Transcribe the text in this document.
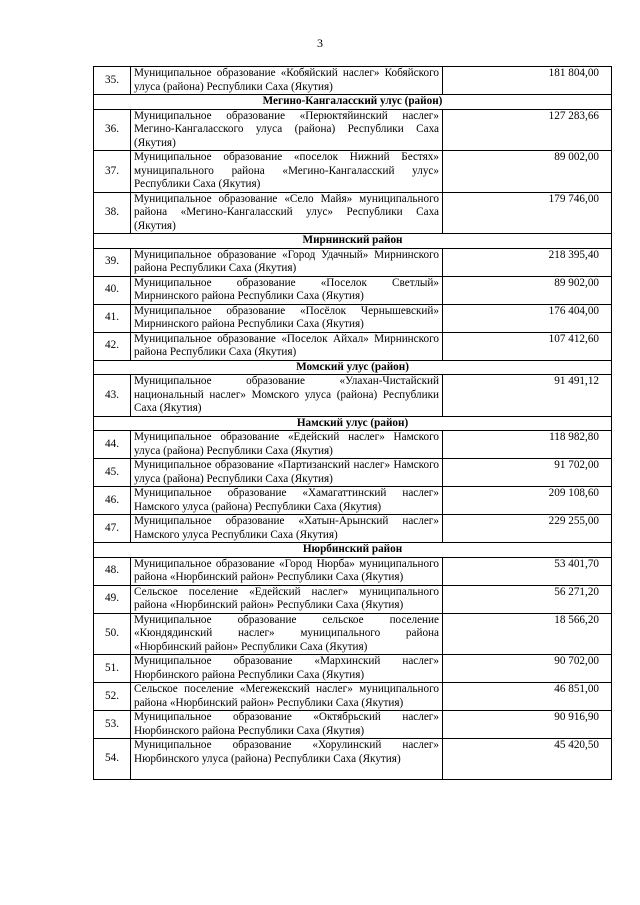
3
35.	Муниципальное образование «Кобяйский наслег» Кобяйского улуса (района) Республики Саха (Якутия)	181 804,00
Мегино-Кангаласский улус (район)		
36.	Муниципальное образование «Перюктяйинский наслег» Мегино-Кангаласского улуса (района) Республики Саха (Якутия)	127 283,66
37.	Муниципальное образование «поселок Нижний Бестях» муниципального района «Мегино-Кангаласский улус» Республики Саха (Якутия)	89 002,00
38.	Муниципальное образование «Село Майя» муниципального района «Мегино-Кангаласский улус» Республики Саха (Якутия)	179 746,00
Мирнинский район		
39.	Муниципальное образование «Город Удачный» Мирнинского района Республики Саха (Якутия)	218 395,40
40.	Муниципальное образование «Поселок Светлый» Мирнинского района Республики Саха (Якутия)	89 902,00
41.	Муниципальное образование «Посёлок Чернышевский» Мирнинского района Республики Саха (Якутия)	176 404,00
42.	Муниципальное образование «Поселок Айхал» Мирнинского района Республики Саха (Якутия)	107 412,60
Момский улус (район)		
43.	Муниципальное образование «Улахан-Чистайский национальный наслег» Момского улуса (района) Республики Саха (Якутия)	91 491,12
Намский улус (район)		
44.	Муниципальное образование «Едейский наслег» Намского улуса (района) Республики Саха (Якутия)	118 982,80
45.	Муниципальное образование «Партизанский наслег» Намского улуса (района) Республики Саха (Якутия)	91 702,00
46.	Муниципальное образование «Хамагаттинский наслег» Намского улуса (района) Республики Саха (Якутия)	209 108,60
47.	Муниципальное образование «Хатын-Арынский наслег» Намского улуса Республики Саха (Якутия)	229 255,00
Нюрбинский район		
48.	Муниципальное образование «Город Нюрба» муниципального района «Нюрбинский район» Республики Саха (Якутия)	53 401,70
49.	Сельское поселение «Едейский наслег» муниципального района «Нюрбинский район» Республики Саха (Якутия)	56 271,20
50.	Муниципальное образование сельское поселение «Кюндядинский наслег» муниципального района «Нюрбинский район» Республики Саха (Якутия)	18 566,20
51.	Муниципальное образование «Мархинский наслег» Нюрбинского района Республики Саха (Якутия)	90 702,00
52.	Сельское поселение «Мегежекский наслег» муниципального района «Нюрбинский район» Республики Саха (Якутия)	46 851,00
53.	Муниципальное образование «Октябрьский наслег» Нюрбинского района Республики Саха (Якутия)	90 916,90
54.	Муниципальное образование «Хорулинский наслег» Нюрбинского улуса (района) Республики Саха (Якутия)	45 420,50
